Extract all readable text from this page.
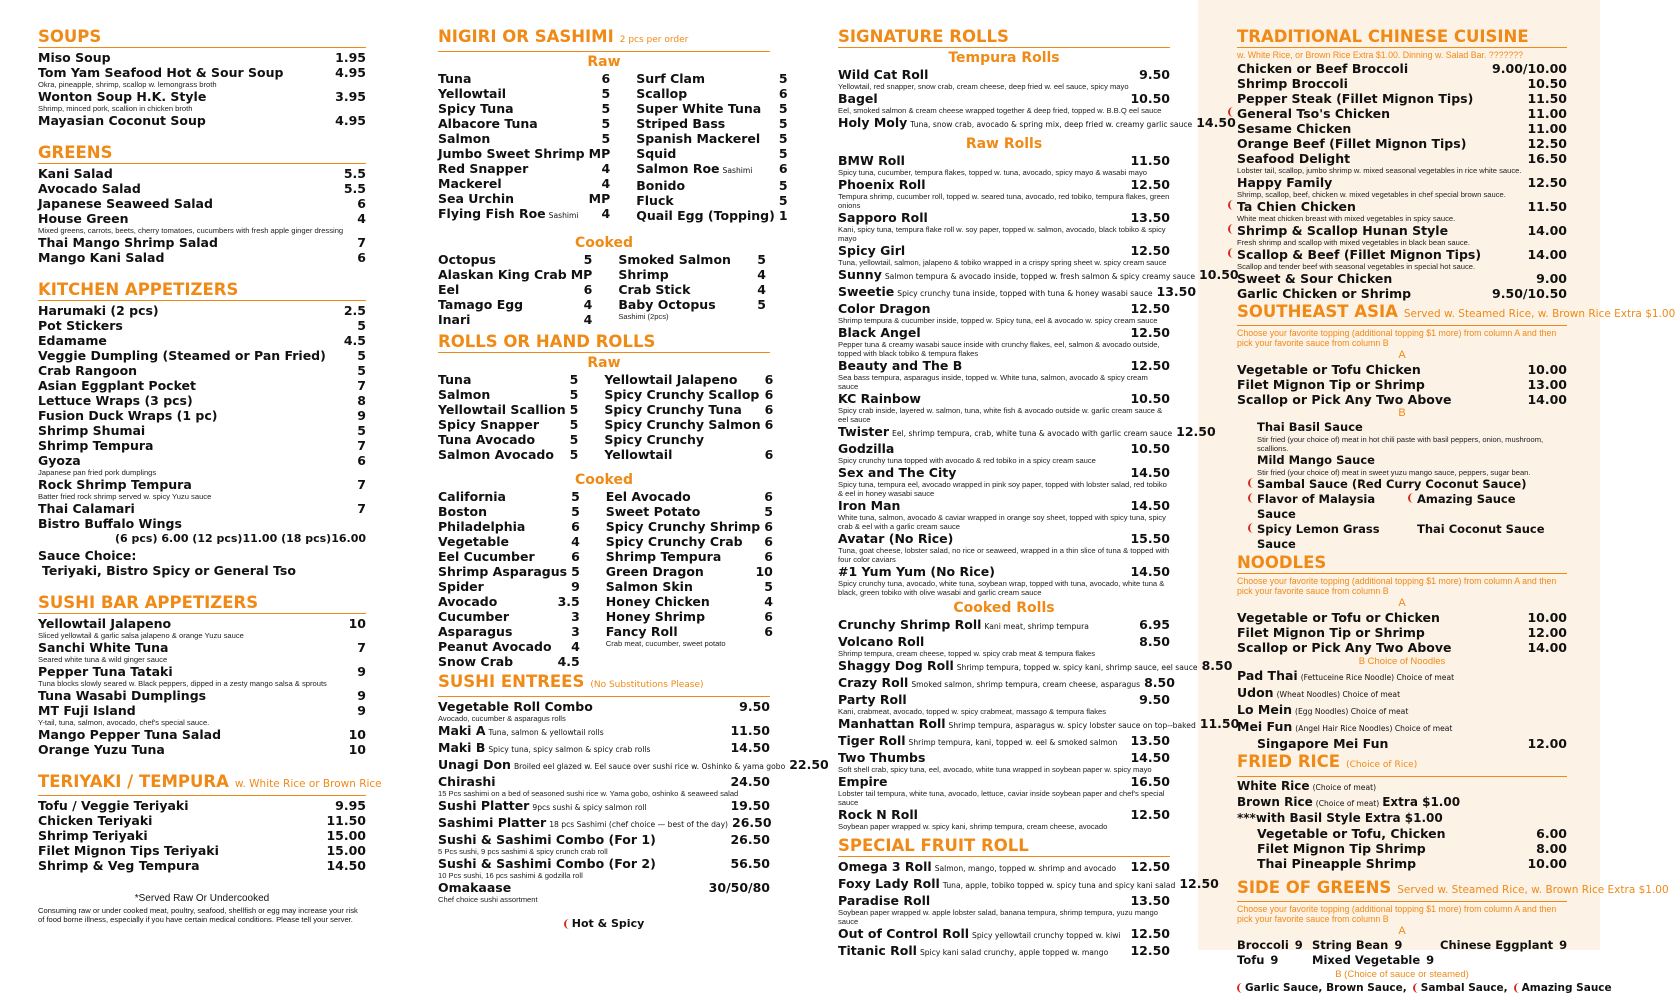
SOUPS
Miso Soup	1.95
Tom Yam Seafood Hot & Sour Soup	4.95
Okra, pineapple, shrimp, scallop w. lemongrass broth
Wonton Soup H.K. Style	3.95
Shrimp, minced pork, scallion in chicken broth
Mayasian Coconut Soup	4.95
GREENS
Kani Salad	5.5
Avocado Salad	5.5
Japanese Seaweed Salad	6
House Green	4
Mixed greens, carrots, beets, cherry tomatoes, cucumbers with fresh apple ginger dressing
Thai Mango Shrimp Salad	7
Mango Kani Salad	6
KITCHEN APPETIZERS
Harumaki (2 pcs)	2.5
Pot Stickers	5
Edamame	4.5
Veggie Dumpling (Steamed or Pan Fried)	5
Crab Rangoon	5
Asian Eggplant Pocket	7
Lettuce Wraps (3 pcs)	8
Fusion Duck Wraps (1 pc)	9
Shrimp Shumai	5
Shrimp Tempura	7
Gyoza	6
Japanese pan fried pork dumplings
Rock Shrimp Tempura	7
Batter fried rock shrimp served w. spicy Yuzu sauce
Thai Calamari	7
Bistro Buffalo Wings
(6 pcs) 6.00 (12 pcs)11.00 (18 pcs)16.00
Sauce Choice:
Teriyaki, Bistro Spicy or General Tso
SUSHI BAR APPETIZERS
Yellowtail Jalapeno	10
Sliced yellowtail & garlic salsa jalapeno & orange Yuzu sauce
Sanchi White Tuna	7
Seared white tuna & wild ginger sauce
Pepper Tuna Tataki	9
Tuna blocks slowly seared w. Black peppers, dipped in a zesty mango salsa & sprouts
Tuna Wasabi Dumplings	9
MT Fuji Island	9
Y-tail, tuna, salmon, avocado, chef's special sauce.
Mango Pepper Tuna Salad	10
Orange Yuzu Tuna	10
TERIYAKI / TEMPURA w. White Rice or Brown Rice
Tofu / Veggie Teriyaki	9.95
Chicken Teriyaki	11.50
Shrimp Teriyaki	15.00
Filet Mignon Tips Teriyaki	15.00
Shrimp & Veg Tempura	14.50
*Served Raw Or Undercooked
Consuming raw or under cooked meat, poultry, seafood, shellfish or egg may increase your risk of food borne illness, especially if you have certain medical conditions. Please tell your server.
NIGIRI OR SASHIMI 2 pcs per order
Raw
Tuna	6
Yellowtail	5
Spicy Tuna	5
Albacore Tuna	5
Salmon	5
Jumbo Sweet Shrimp MP
Red Snapper	4
Mackerel	4
Sea Urchin	MP
Flying Fish Roe Sashimi 4
Surf Clam	5
Scallop	6
Super White Tuna 5
Striped Bass	5
Spanish Mackerel 5
Squid	5
Salmon Roe Sashimi 6
Bonido	5
Fluck	5
Quail Egg (Topping) 1
Cooked
Octopus	5
Alaskan King Crab MP
Eel	6
Tamago Egg	4
Inari	4
Smoked Salmon 5
Shrimp	4
Crab Stick	4
Baby Octopus	5
Sashimi (2pcs)
ROLLS OR HAND ROLLS
Raw
Tuna	5
Salmon	5
Yellowtail Scallion 5
Spicy Snapper 5
Tuna Avocado	5
Salmon Avocado 5
Yellowtail Jalapeno 6
Spicy Crunchy Scallop 6
Spicy Crunchy Tuna 6
Spicy Crunchy Salmon 6
Spicy Crunchy
Yellowtail	6
Cooked
California	5
Boston	5
Philadelphia	6
Vegetable	4
Eel Cucumber	6
Shrimp Asparagus 5
Spider	9
Avocado	3.5
Cucumber	3
Asparagus	3
Peanut Avocado 4
Snow Crab	4.5
Eel Avocado	6
Sweet Potato	5
Spicy Crunchy Shrimp 6
Spicy Crunchy Crab 6
Shrimp Tempura	6
Green Dragon	10
Salmon Skin	5
Honey Chicken	4
Honey Shrimp	6
Fancy Roll	6
Crab meat, cucumber, sweet potato
SUSHI ENTREES (No Substitutions Please)
Vegetable Roll Combo	9.50
Avocado, cucumber & asparagus rolls
Maki A Tuna, salmon & yellowtail rolls	11.50
Maki B Spicy tuna, spicy salmon & spicy crab rolls	14.50
Unagi Don Broiled eel glazed w. Eel sauce over sushi rice w. Oshinko & yama gobo 22.50
Chirashi	24.50
15 Pcs sashimi on a bed of seasoned sushi rice w. Yama gobo, oshinko & seaweed salad
Sushi Platter 9pcs sushi & spicy salmon roll	19.50
Sashimi Platter 18 pcs Sashimi (chef choice — best of the day) 26.50
Sushi & Sashimi Combo (For 1)	26.50
5 Pcs sushi, 9 pcs sashimi & spicy crunch crab roll
Sushi & Sashimi Combo (For 2)	56.50
10 Pcs sushi, 16 pcs sashimi & godzilla roll
Omakaase	30/50/80
Chef choice sushi assortment
Hot & Spicy
SIGNATURE ROLLS
Tempura Rolls
Wild Cat Roll	9.50
Yellowtail, red snapper, snow crab, cream cheese, deep fried w. eel sauce, spicy mayo
Bagel	10.50
Eel, smoked salmon & cream cheese wrapped together & deep fried, topped w. B.B.Q eel sauce
Holy Moly Tuna, snow crab, avocado & spring mix, deep fried w. creamy garlic sauce 14.50
Raw Rolls
BMW Roll	11.50
Spicy tuna, cucumber, tempura flakes, topped w. tuna, avocado, spicy mayo & wasabi mayo
Phoenix Roll	12.50
Tempura shrimp, cucumber roll, topped w. seared tuna, avocado, red tobiko, tempura flakes, green onions
Sapporo Roll	13.50
Kani, spicy tuna, tempura flake roll w. soy paper, topped w. salmon, avocado, black tobiko & spicy mayo
Spicy Girl	12.50
Tuna, yellowtail, salmon, jalapeno & tobiko wrapped in a crispy spring sheet w. spicy cream sauce
Sunny Salmon tempura & avocado inside, topped w. fresh salmon & spicy creamy sauce 10.50
Sweetie Spicy crunchy tuna inside, topped with tuna & honey wasabi sauce 13.50
Color Dragon	12.50
Shrimp tempura & cucumber inside, topped w. Spicy tuna, eel & avocado w. spicy cream sauce
Black Angel	12.50
Pepper tuna & creamy wasabi sauce inside with crunchy flakes, eel, salmon & avocado outside, topped with black tobiko & tempura flakes
Beauty and The B	12.50
Sea bass tempura, asparagus inside, topped w. White tuna, salmon, avocado & spicy cream sauce
KC Rainbow	10.50
Spicy crab inside, layered w. salmon, tuna, white fish & avocado outside w. garlic cream sauce & eel sauce
Twister Eel, shrimp tempura, crab, white tuna & avocado with garlic cream sauce 12.50
Godzilla	10.50
Spicy crunchy tuna topped with avocado & red tobiko in a spicy cream sauce
Sex and The City	14.50
Spicy tuna, tempura eel, avocado wrapped in pink soy paper, topped with lobster salad, red tobiko & eel in honey wasabi sauce
Iron Man	14.50
White tuna, salmon, avocado & caviar wrapped in orange soy sheet, topped with spicy tuna, spicy crab & eel with a garlic cream sauce
Avatar (No Rice)	15.50
Tuna, goat cheese, lobster salad, no rice or seaweed, wrapped in a thin slice of tuna & topped with four color caviars
#1 Yum Yum (No Rice)	14.50
Spicy crunchy tuna, avocado, white tuna, soybean wrap, topped with tuna, avocado, white tuna & black, green tobiko with olive wasabi and garlic cream sauce
Cooked Rolls
Crunchy Shrimp Roll Kani meat, shrimp tempura	6.95
Volcano Roll	8.50
Shrimp tempura, cream cheese, topped w. spicy crab meat & tempura flakes
Shaggy Dog Roll Shrimp tempura, topped w. spicy kani, shrimp sauce, eel sauce 8.50
Crazy Roll Smoked salmon, shrimp tempura, cream cheese, asparagus 8.50
Party Roll	9.50
Kani, crabmeat, avocado, topped w. spicy crabmeat, massago & tempura flakes
Manhattan Roll Shrimp tempura, asparagus w. spicy lobster sauce on top--baked 11.50
Tiger Roll Shrimp tempura, kani, topped w. eel & smoked salmon 13.50
Two Thumbs	14.50
Soft shell crab, spicy tuna, eel, avocado, white tuna wrapped in soybean paper w. spicy mayo
Empire	16.50
Lobster tail tempura, white tuna, avocado, lettuce, caviar inside soybean paper and chef's special sauce
Rock N Roll	12.50
Soybean paper wrapped w. spicy kani, shrimp tempura, cream cheese, avocado
SPECIAL FRUIT ROLL
Omega 3 Roll Salmon, mango, topped w. shrimp and avocado 12.50
Foxy Lady Roll Tuna, apple, tobiko topped w. spicy tuna and spicy kani salad 12.50
Paradise Roll	13.50
Soybean paper wrapped w. apple lobster salad, banana tempura, shrimp tempura, yuzu mango sauce
Out of Control Roll Spicy yellowtail crunchy topped w. kiwi 12.50
Titanic Roll Spicy kani salad crunchy, apple topped w. mango 12.50
TRADITIONAL CHINESE CUISINE
w. White Rice, or Brown Rice Extra $1.00. Dinning w. Salad Bar. ???????
Chicken or Beef Broccoli	9.00/10.00
Shrimp Broccoli	10.50
Pepper Steak (Fillet Mignon Tips)	11.50
General Tso's Chicken	11.00
Sesame Chicken	11.00
Orange Beef (Fillet Mignon Tips)	12.50
Seafood Delight	16.50
Lobster tail, scallop, jumbo shrimp w. mixed seasonal vegetables in rice white sauce.
Happy Family	12.50
Shrimp, scallop, beef, chicken w. mixed vegetables in chef special brown sauce.
Ta Chien Chicken	11.50
White meat chicken breast with mixed vegetables in spicy sauce.
Shrimp & Scallop Hunan Style	14.00
Fresh shrimp and scallop with mixed vegetables in black bean sauce.
Scallop & Beef (Fillet Mignon Tips)	14.00
Scallop and tender beef with seasonal vegetables in special hot sauce.
Sweet & Sour Chicken	9.00
Garlic Chicken or Shrimp	9.50/10.50
SOUTHEAST ASIA Served w. Steamed Rice, w. Brown Rice Extra $1.00
Choose your favorite topping (additional topping $1 more) from column A and then pick your favorite sauce from column B
A
Vegetable or Tofu Chicken	10.00
Filet Mignon Tip or Shrimp	13.00
Scallop or Pick Any Two Above	14.00
B
Thai Basil Sauce
Stir fried (your choice of) meat in hot chili paste with basil peppers, onion, mushroom, scallions.
Mild Mango Sauce
Stir fried (your choice of) meat in sweet yuzu mango sauce, peppers, sugar bean.
Sambal Sauce (Red Curry Coconut Sauce)
Flavor of Malaysia Sauce
Amazing Sauce
Spicy Lemon Grass Sauce
Thai Coconut Sauce
NOODLES
Choose your favorite topping (additional topping $1 more) from column A and then pick your favorite sauce from column B
A
Vegetable or Tofu or Chicken	10.00
Filet Mignon Tip or Shrimp	12.00
Scallop or Pick Any Two Above	14.00
B Choice of Noodles
Pad Thai (Fettuceine Rice Noodle) Choice of meat
Udon (Wheat Noodles) Choice of meat
Lo Mein (Egg Noodles) Choice of meat
Mei Fun (Angel Hair Rice Noodles) Choice of meat
Singapore Mei Fun	12.00
FRIED RICE (Choice of Rice)
White Rice (Choice of meat)
Brown Rice (Choice of meat) Extra $1.00
***with Basil Style Extra $1.00
Vegetable or Tofu, Chicken	6.00
Filet Mignon Tip Shrimp	8.00
Thai Pineapple Shrimp	10.00
SIDE OF GREENS Served w. Steamed Rice, w. Brown Rice Extra $1.00
Choose your favorite topping (additional topping $1 more) from column A and then pick your favorite sauce from column B
A
Broccoli 9 String Bean 9	Chinese Eggplant 9
Tofu 9	Mixed Vegetable 9
B (Choice of sauce or steamed)
Garlic Sauce, Brown Sauce,	Sambal Sauce,	Amazing Sauce
